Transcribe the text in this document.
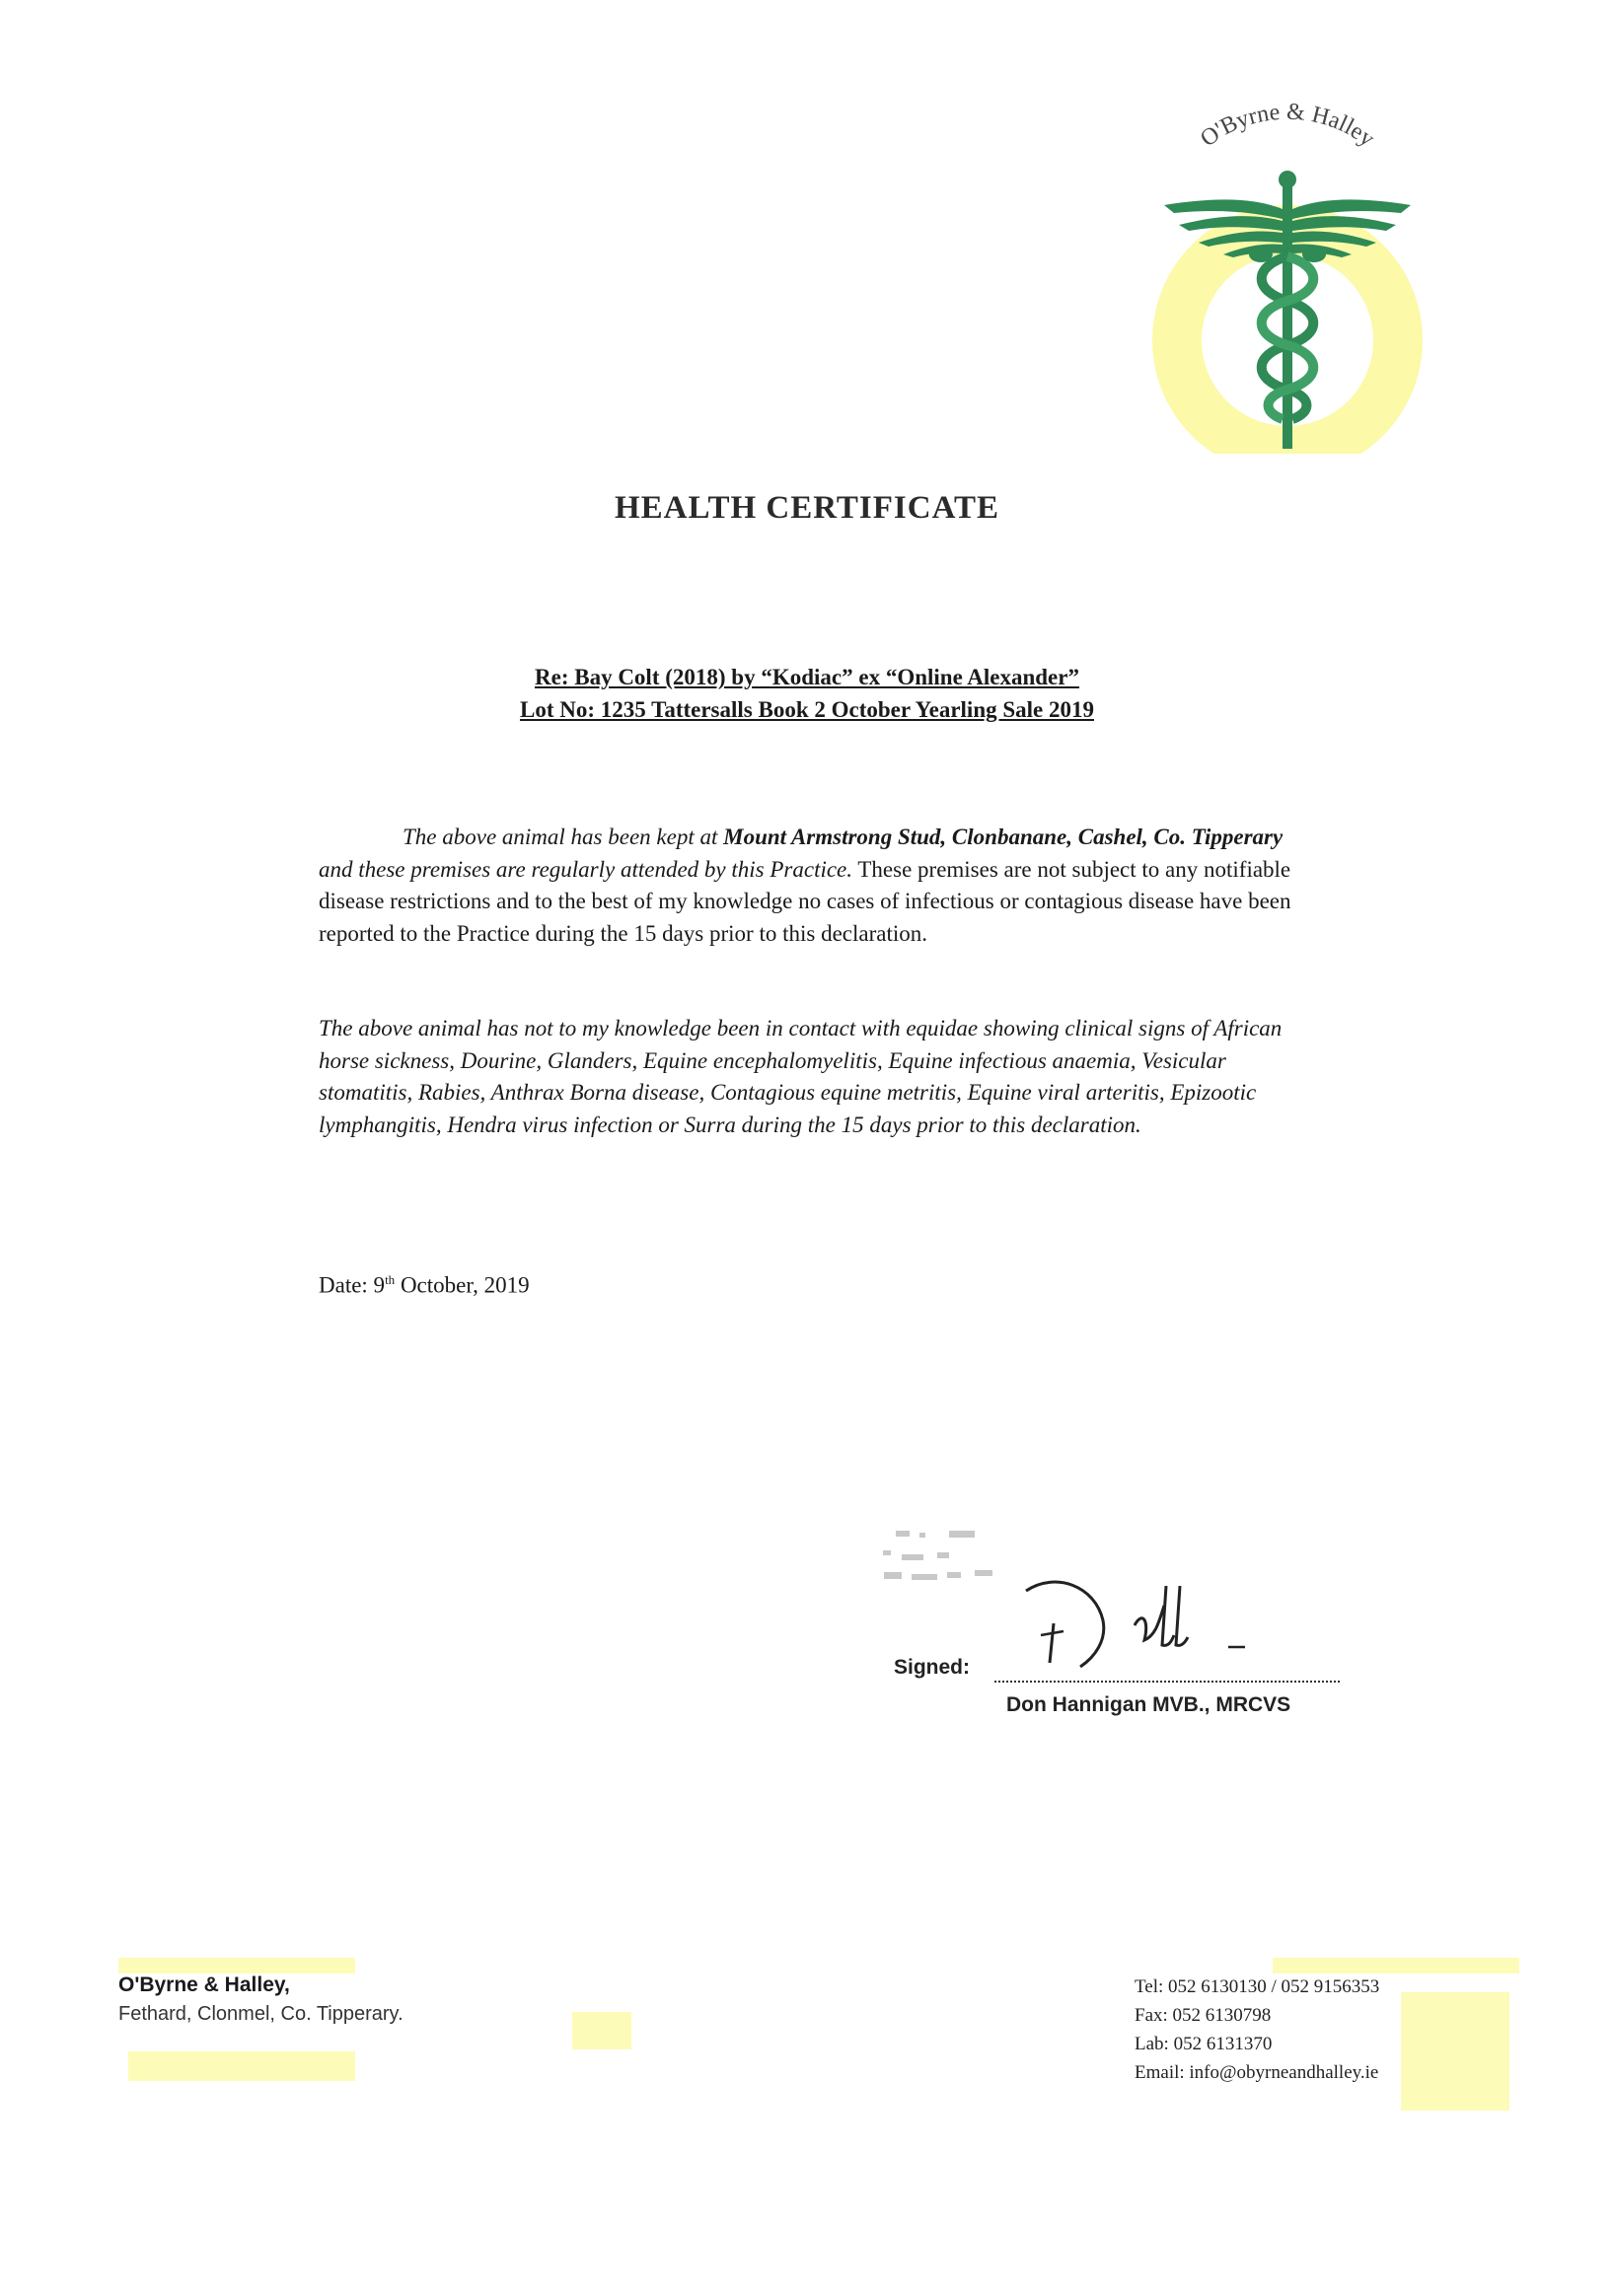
O'Byrne & Halley
HEALTH CERTIFICATE
Re: Bay Colt (2018) by “Kodiac” ex “Online Alexander”
Lot No: 1235 Tattersalls Book 2 October Yearling Sale 2019
The above animal has been kept at Mount Armstrong Stud, Clonbanane, Cashel, Co. Tipperary and these premises are regularly attended by this Practice. These premises are not subject to any notifiable disease restrictions and to the best of my knowledge no cases of infectious or contagious disease have been reported to the Practice during the 15 days prior to this declaration.
The above animal has not to my knowledge been in contact with equidae showing clinical signs of African horse sickness, Dourine, Glanders, Equine encephalomyelitis, Equine infectious anaemia, Vesicular stomatitis, Rabies, Anthrax Borna disease, Contagious equine metritis, Equine viral arteritis, Epizootic lymphangitis, Hendra virus infection or Surra during the 15 days prior to this declaration.
Date: 9th October, 2019
Signed:
Don Hannigan MVB., MRCVS
O'Byrne & Halley,
Fethard, Clonmel, Co. Tipperary.
Tel: 052 6130130 / 052 9156353
Fax: 052 6130798
Lab: 052 6131370
Email: info@obyrneandhalley.ie
